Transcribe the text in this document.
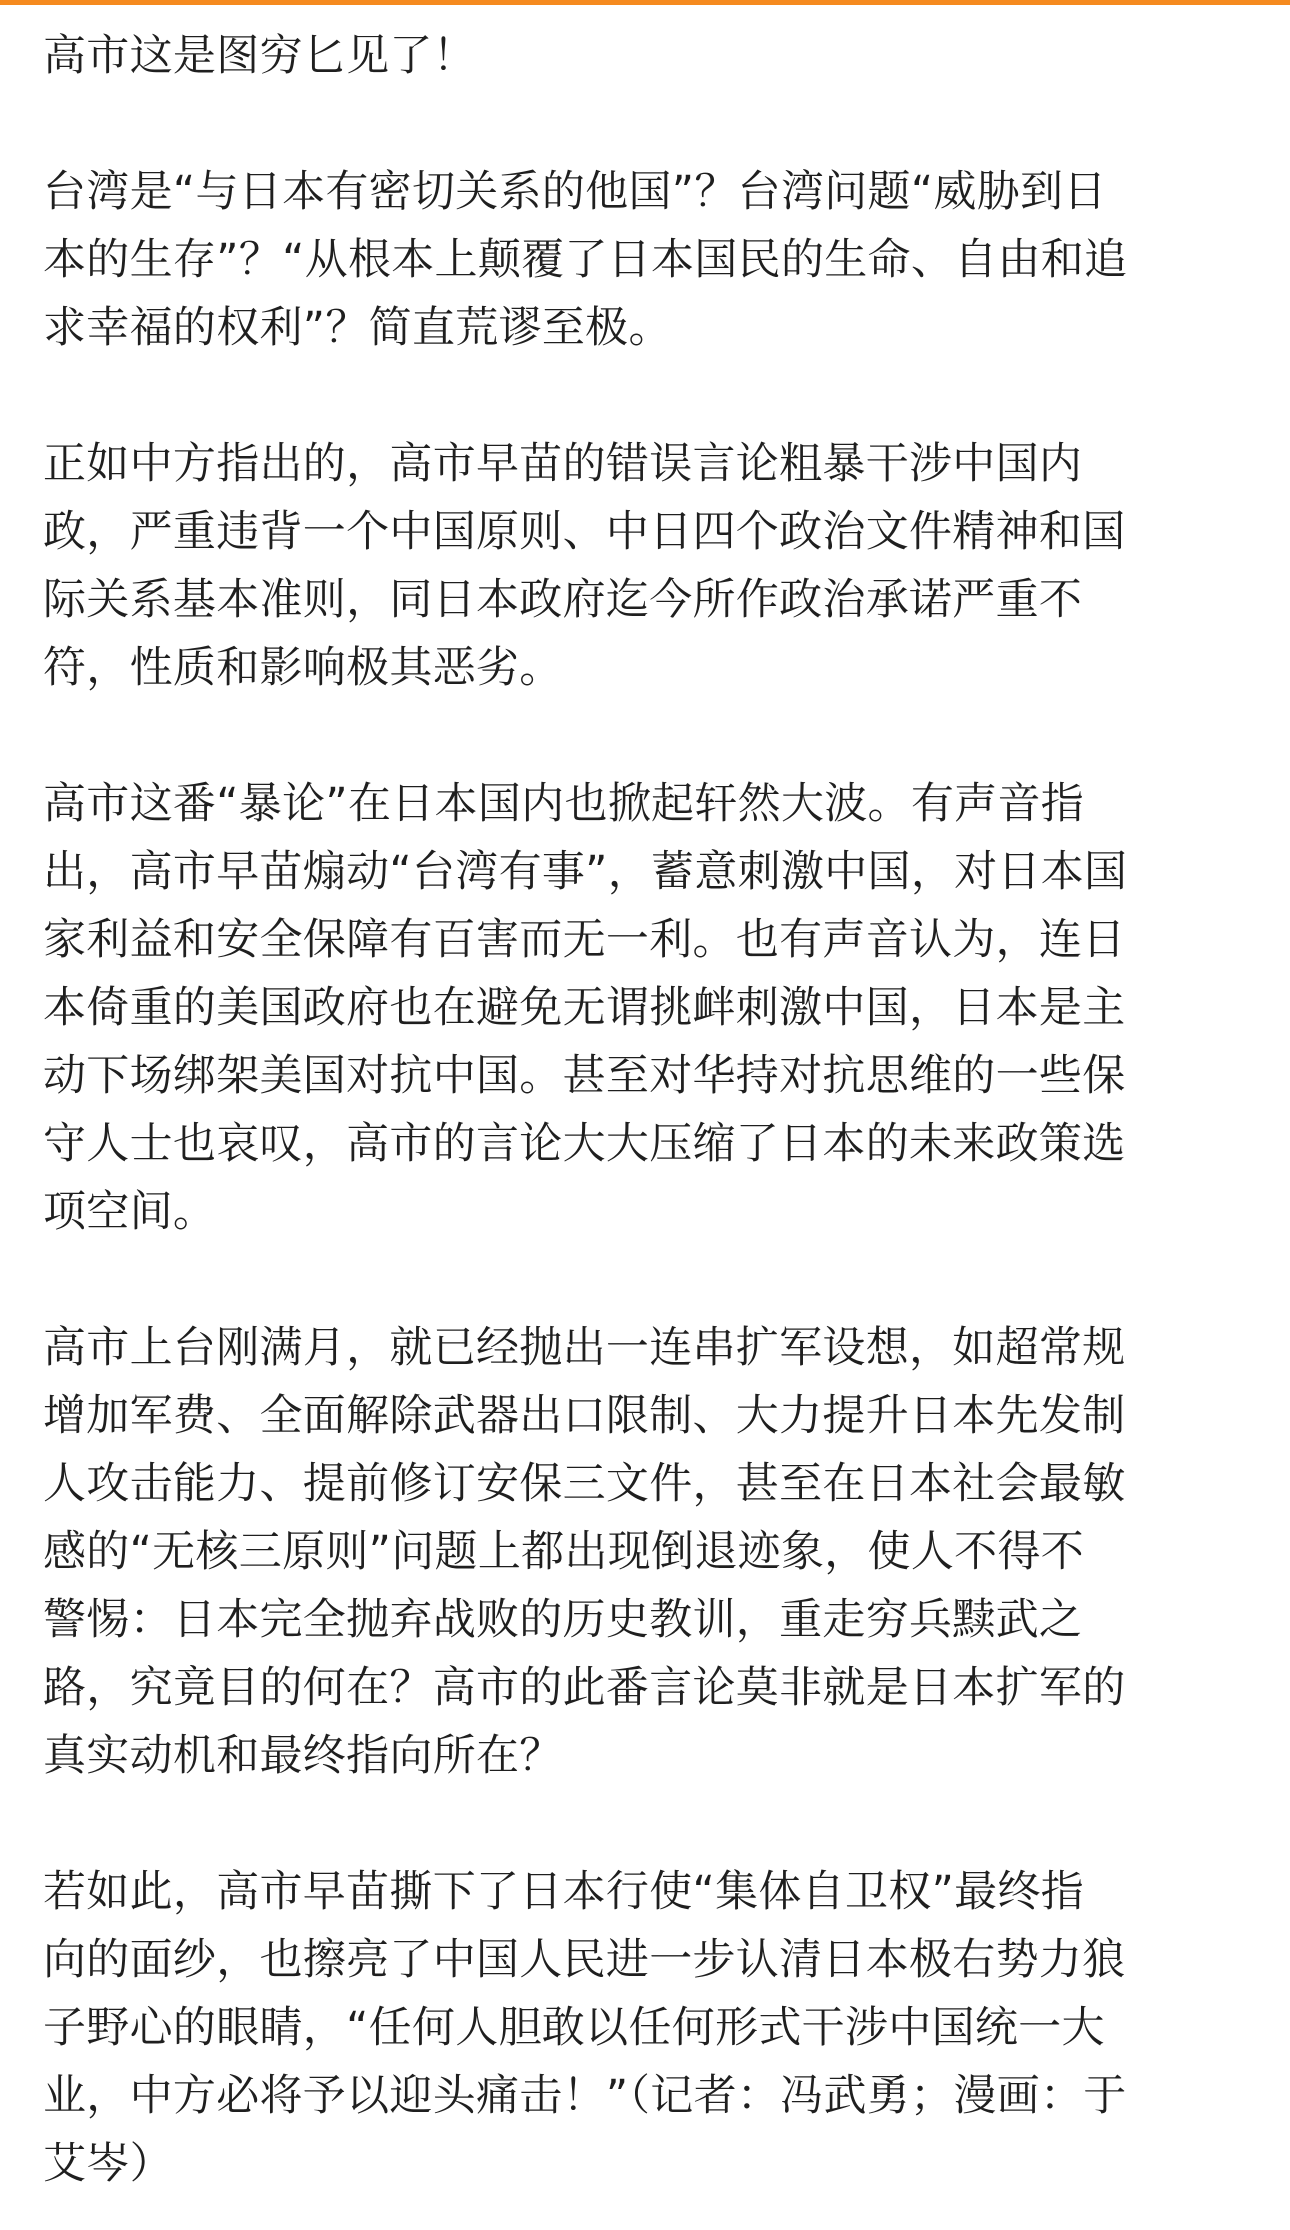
高市这是图穷匕见了！

台湾是“与日本有密切关系的他国”？台湾问题“威胁到日
本的生存”？“从根本上颠覆了日本国民的生命、自由和追
求幸福的权利”？简直荒谬至极。

正如中方指出的，高市早苗的错误言论粗暴干涉中国内
政，严重违背一个中国原则、中日四个政治文件精神和国
际关系基本准则，同日本政府迄今所作政治承诺严重不
符，性质和影响极其恶劣。

高市这番“暴论”在日本国内也掀起轩然大波。有声音指
出，高市早苗煽动“台湾有事”，蓄意刺激中国，对日本国
家利益和安全保障有百害而无一利。也有声音认为，连日
本倚重的美国政府也在避免无谓挑衅刺激中国，日本是主
动下场绑架美国对抗中国。甚至对华持对抗思维的一些保
守人士也哀叹，高市的言论大大压缩了日本的未来政策选
项空间。

高市上台刚满月，就已经抛出一连串扩军设想，如超常规
增加军费、全面解除武器出口限制、大力提升日本先发制
人攻击能力、提前修订安保三文件，甚至在日本社会最敏
感的“无核三原则”问题上都出现倒退迹象，使人不得不
警惕：日本完全抛弃战败的历史教训，重走穷兵黩武之
路，究竟目的何在？高市的此番言论莫非就是日本扩军的
真实动机和最终指向所在？

若如此，高市早苗撕下了日本行使“集体自卫权”最终指
向的面纱，也擦亮了中国人民进一步认清日本极右势力狼
子野心的眼睛，“任何人胆敢以任何形式干涉中国统一大
业，中方必将予以迎头痛击！”（记者：冯武勇；漫画：于
艾岑）
